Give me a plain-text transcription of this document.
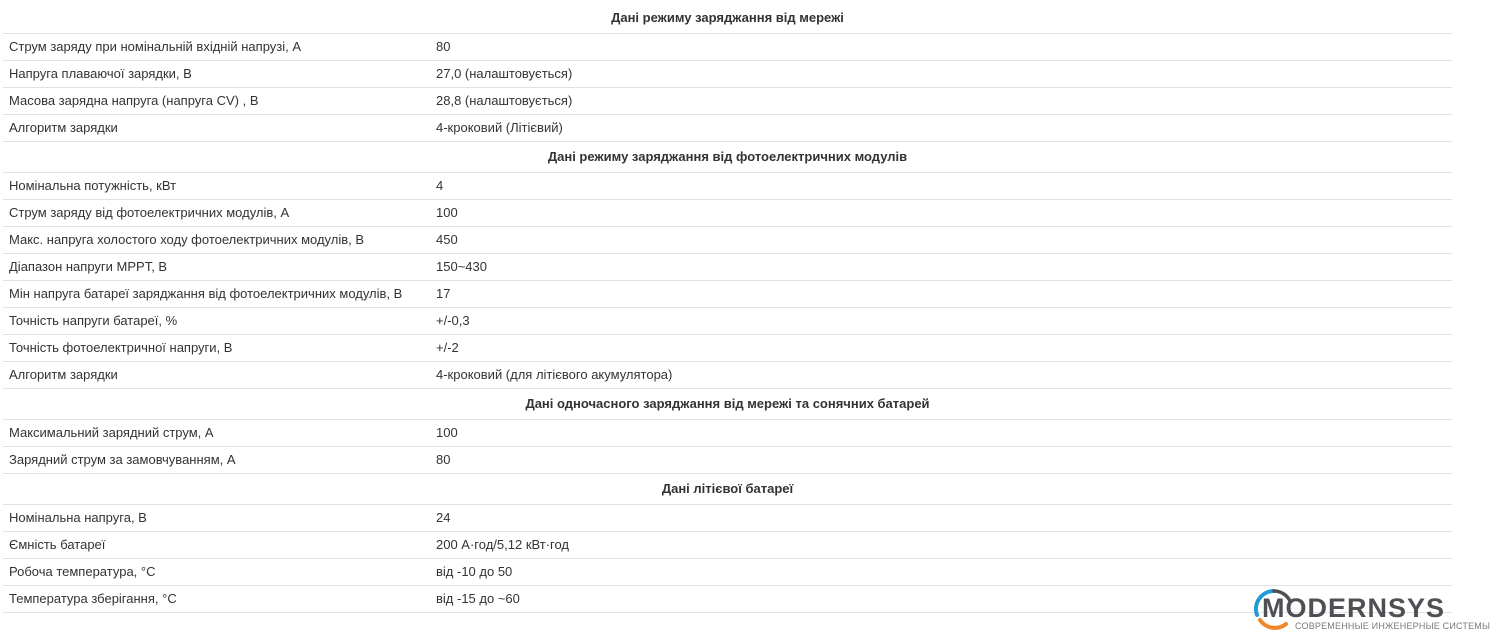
Дані режиму заряджання від мережі
Струм заряду при номінальній вхідній напрузі, А	80
Напруга плаваючої зарядки, В	27,0 (налаштовується)
Масова зарядна напруга (напруга CV) , В	28,8 (налаштовується)
Алгоритм зарядки	4-кроковий (Літієвий)
Дані режиму заряджання від фотоелектричних модулів
Номінальна потужність, кВт	4
Струм заряду від фотоелектричних модулів, А	100
Макс. напруга холостого ходу фотоелектричних модулів, В	450
Діапазон напруги MPPT, В	150~430
Мін напруга батареї заряджання від фотоелектричних модулів, В	17
Точність напруги батареї, %	+/-0,3
Точність фотоелектричної напруги, В	+/-2
Алгоритм зарядки	4-кроковий (для літієвого акумулятора)
Дані одночасного заряджання від мережі та сонячних батарей
Максимальний зарядний струм, А	100
Зарядний струм за замовчуванням, А	80
Дані літієвої батареї
Номінальна напруга, В	24
Ємність батареї	200 А·год/5,12 кВт·год
Робоча температура, °C	від -10 до 50
Температура зберігання, °C	від -15 до ~60	MODERNSYS
СОВРЕМЕННЫЕ ИНЖЕНЕРНЫЕ СИСТЕМЫ
